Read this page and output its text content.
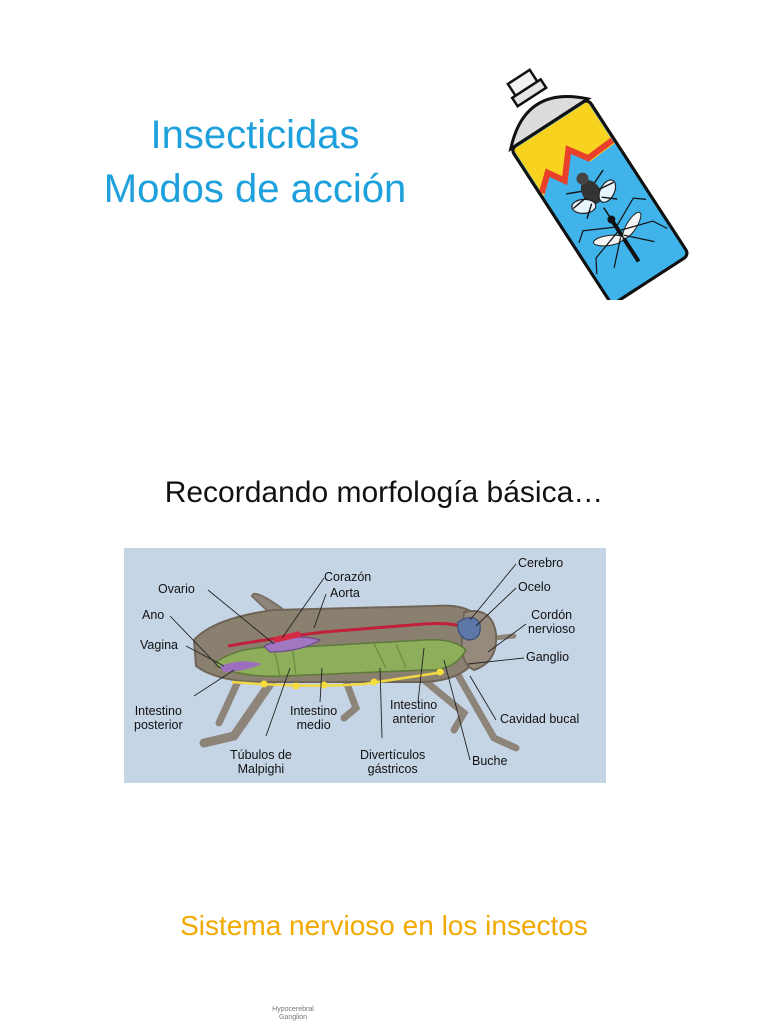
Insecticidas
Modos de acción
Recordando morfología básica…
Ovario
Ano
Vagina
Intestino
posterior
Corazón
Aorta
Túbulos de
Malpighi
Intestino
medio
Divertículos
gástricos
Intestino
anterior
Cerebro
Ocelo
Cordón
nervioso
Ganglio
Cavidad bucal
Buche
Sistema nervioso en los insectos
Hypocerebral
Ganglion
